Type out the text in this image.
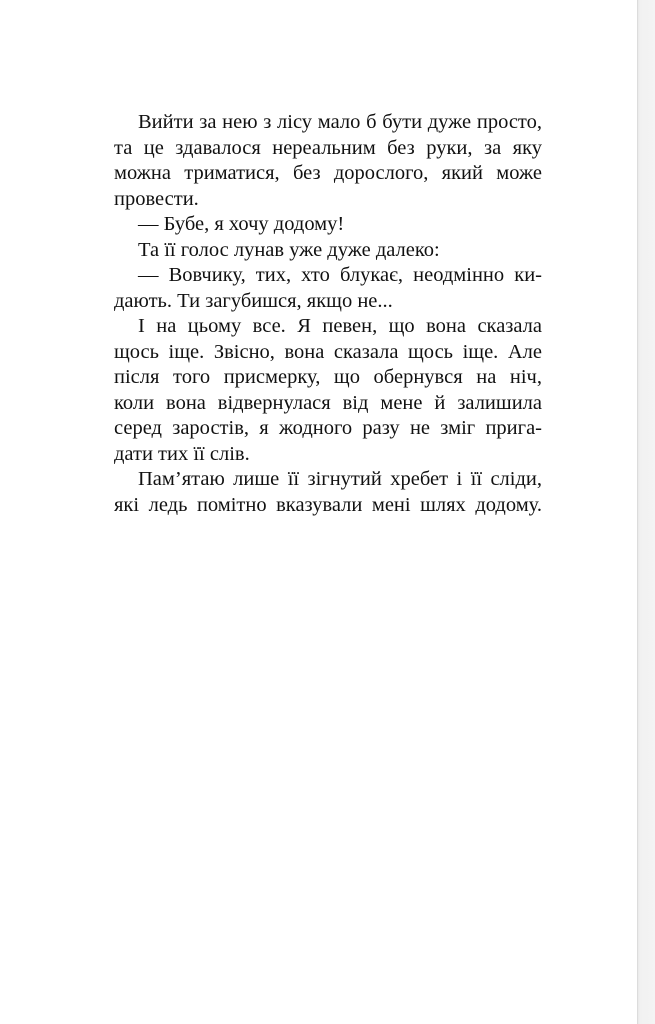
Вийти за нею з лісу мало б бути дуже просто,
та це здавалося нереальним без руки, за яку
можна триматися, без дорослого, який може
провести.
— Бубе, я хочу додому!
Та її голос лунав уже дуже далеко:
— Вовчику, тих, хто блукає, неодмінно ки-
дають. Ти загубишся, якщо не...
І на цьому все. Я певен, що вона сказала
щось іще. Звісно, вона сказала щось іще. Але
після того присмерку, що обернувся на ніч,
коли вона відвернулася від мене й залишила
серед заростів, я жодного разу не зміг пригa-
дати тих її слів.
Пам’ятаю лише її зігнутий хребет і її сліди,
які ледь помітно вказували мені шлях додому.
